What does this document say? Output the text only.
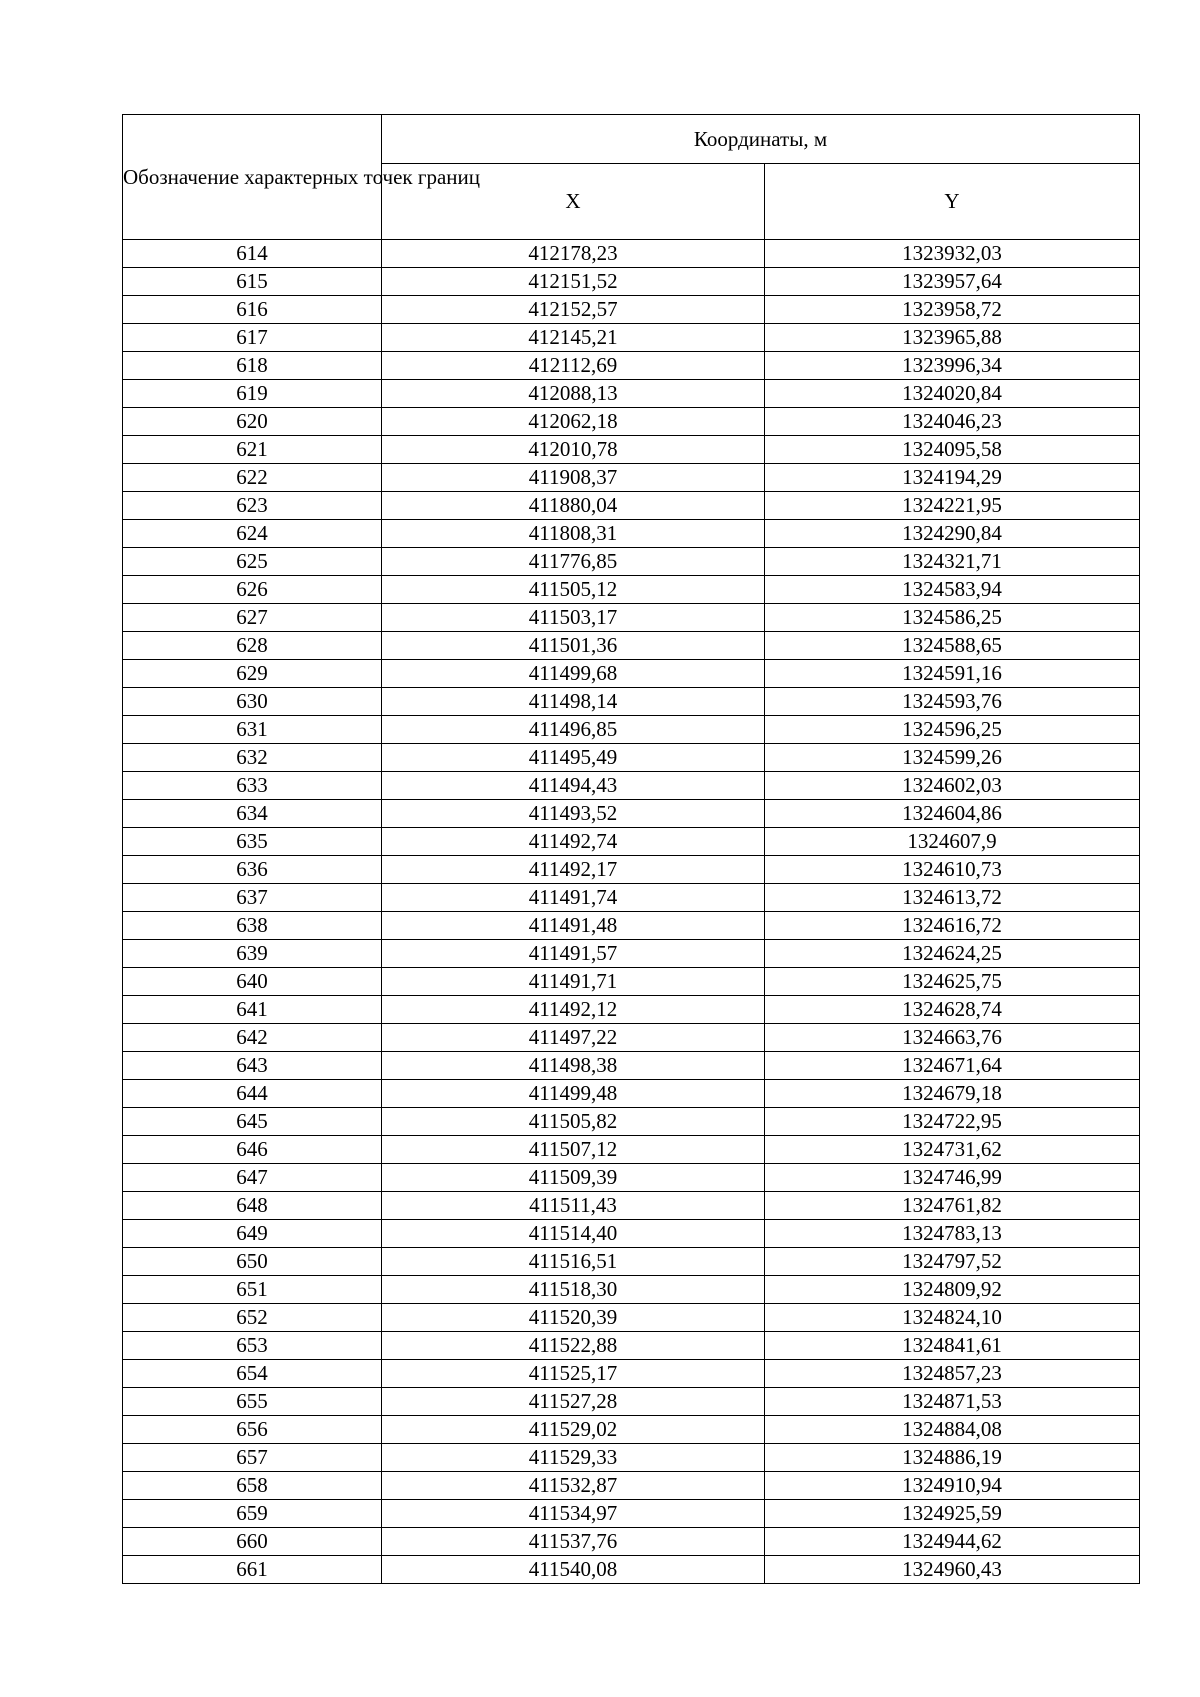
Обозначение характерных точек границ	Координаты, м	
	X	Y
614	412178,23	1323932,03
615	412151,52	1323957,64
616	412152,57	1323958,72
617	412145,21	1323965,88
618	412112,69	1323996,34
619	412088,13	1324020,84
620	412062,18	1324046,23
621	412010,78	1324095,58
622	411908,37	1324194,29
623	411880,04	1324221,95
624	411808,31	1324290,84
625	411776,85	1324321,71
626	411505,12	1324583,94
627	411503,17	1324586,25
628	411501,36	1324588,65
629	411499,68	1324591,16
630	411498,14	1324593,76
631	411496,85	1324596,25
632	411495,49	1324599,26
633	411494,43	1324602,03
634	411493,52	1324604,86
635	411492,74	1324607,9
636	411492,17	1324610,73
637	411491,74	1324613,72
638	411491,48	1324616,72
639	411491,57	1324624,25
640	411491,71	1324625,75
641	411492,12	1324628,74
642	411497,22	1324663,76
643	411498,38	1324671,64
644	411499,48	1324679,18
645	411505,82	1324722,95
646	411507,12	1324731,62
647	411509,39	1324746,99
648	411511,43	1324761,82
649	411514,40	1324783,13
650	411516,51	1324797,52
651	411518,30	1324809,92
652	411520,39	1324824,10
653	411522,88	1324841,61
654	411525,17	1324857,23
655	411527,28	1324871,53
656	411529,02	1324884,08
657	411529,33	1324886,19
658	411532,87	1324910,94
659	411534,97	1324925,59
660	411537,76	1324944,62
661	411540,08	1324960,43
